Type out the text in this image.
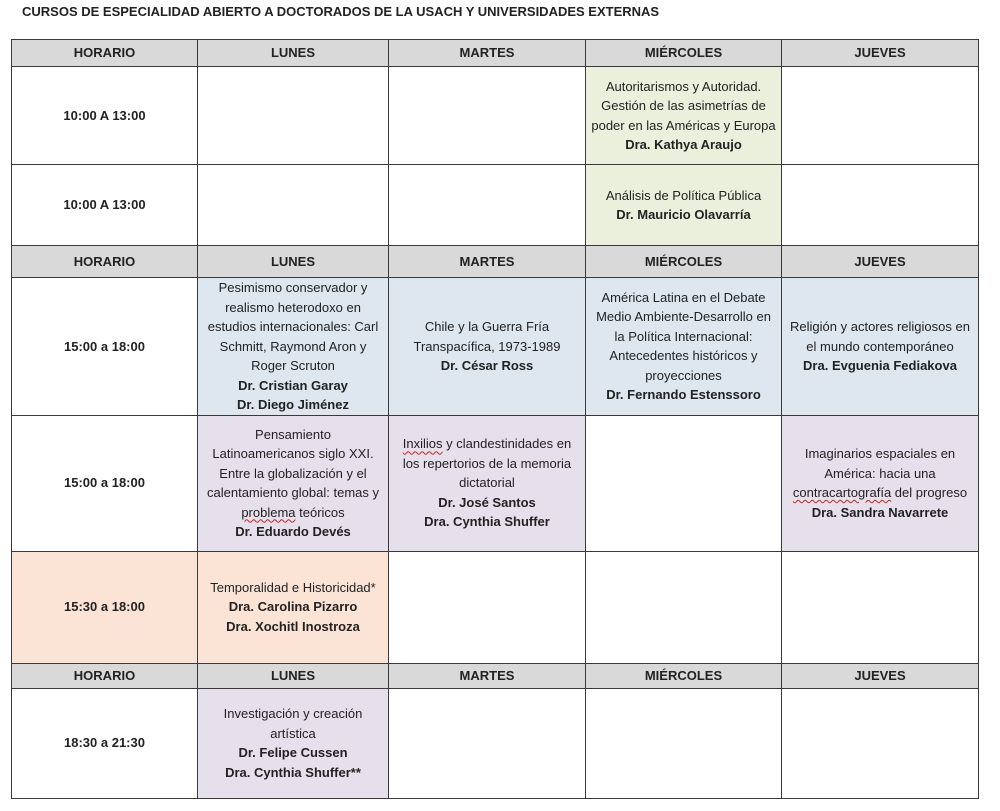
CURSOS DE ESPECIALIDAD ABIERTO A DOCTORADOS DE LA USACH Y UNIVERSIDADES EXTERNAS
HORARIO	LUNES	MARTES	MIÉRCOLES	JUEVES
10:00 A 13:00			Autoritarismos y Autoridad. Gestión de las asimetrías de poder en las Américas y Europa
Dra. Kathya Araujo	

10:00 A 13:00			Análisis de Política Pública
Dr. Mauricio Olavarría	

HORARIO	LUNES	MARTES	MIÉRCOLES	JUEVES
15:00 a 18:00	Pesimismo conservador y realismo heterodoxo en estudios internacionales: Carl Schmitt, Raymond Aron y Roger Scruton
Dr. Cristian Garay
Dr. Diego Jiménez	Chile y la Guerra Fría Transpacífica, 1973-1989
Dr. César Ross	América Latina en el Debate Medio Ambiente-Desarrollo en la Política Internacional: Antecedentes históricos y proyecciones
Dr. Fernando Estenssoro	Religión y actores religiosos en el mundo contemporáneo
Dra. Evguenia Fediakova

15:00 a 18:00	Pensamiento Latinoamericanos siglo XXI. Entre la globalización y el calentamiento global: temas y problema teóricos
Dr. Eduardo Devés	Inxilios y clandestinidades en los repertorios de la memoria dictatorial
Dr. José Santos
Dra. Cynthia Shuffer		Imaginarios espaciales en América: hacia una contracartografía del progreso
Dra. Sandra Navarrete

15:30 a 18:00	Temporalidad e Historicidad*
Dra. Carolina Pizarro
Dra. Xochitl Inostroza			

HORARIO	LUNES	MARTES	MIÉRCOLES	JUEVES
18:30 a 21:30	Investigación y creación artística
Dr. Felipe Cussen
Dra. Cynthia Shuffer**			
